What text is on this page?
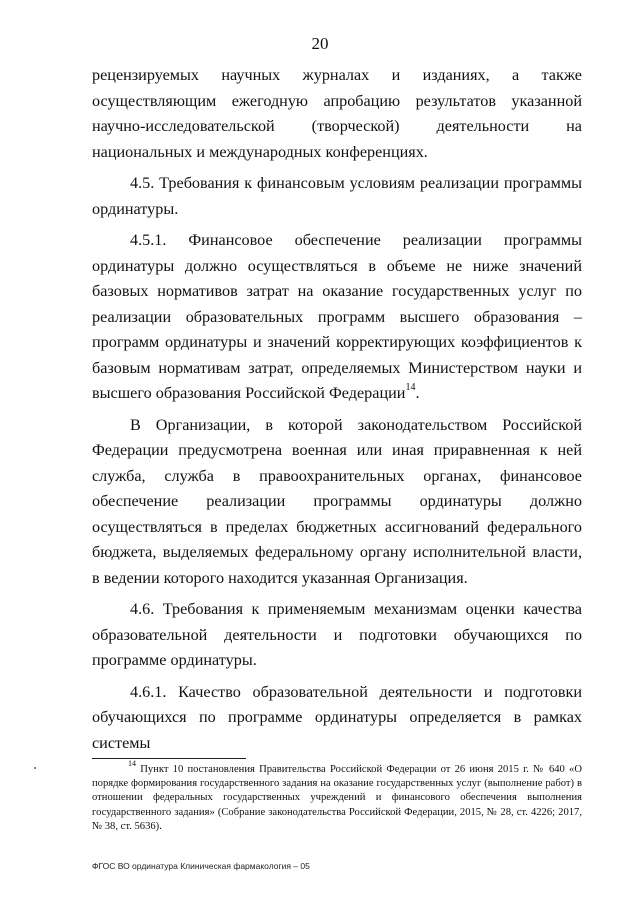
20

рецензируемых научных журналах и изданиях, а также осуществляющим ежегодную апробацию результатов указанной научно-исследовательской (творческой) деятельности на национальных и международных конференциях.

4.5. Требования к финансовым условиям реализации программы ординатуры.

4.5.1. Финансовое обеспечение реализации программы ординатуры должно осуществляться в объеме не ниже значений базовых нормативов затрат на оказание государственных услуг по реализации образовательных программ высшего образования – программ ординатуры и значений корректирующих коэффициентов к базовым нормативам затрат, определяемых Министерством науки и высшего образования Российской Федерации$^{14}$.

В Организации, в которой законодательством Российской Федерации предусмотрена военная или иная приравненная к ней служба, служба в правоохранительных органах, финансовое обеспечение реализации программы ординатуры должно осуществляться в пределах бюджетных ассигнований федерального бюджета, выделяемых федеральному органу исполнительной власти, в ведении которого находится указанная Организация.

4.6. Требования к применяемым механизмам оценки качества образовательной деятельности и подготовки обучающихся по программе ординатуры.

4.6.1. Качество образовательной деятельности и подготовки обучающихся по программе ординатуры определяется в рамках системы

$^{14}$ Пункт 10 постановления Правительства Российской Федерации от 26 июня 2015 г. № 640 «О порядке формирования государственного задания на оказание государственных услуг (выполнение работ) в отношении федеральных государственных учреждений и финансового обеспечения выполнения государственного задания» (Собрание законодательства Российской Федерации, 2015, № 28, ст. 4226; 2017, № 38, ст. 5636).
ФГОС ВО ординатура Клиническая фармакология – 05
